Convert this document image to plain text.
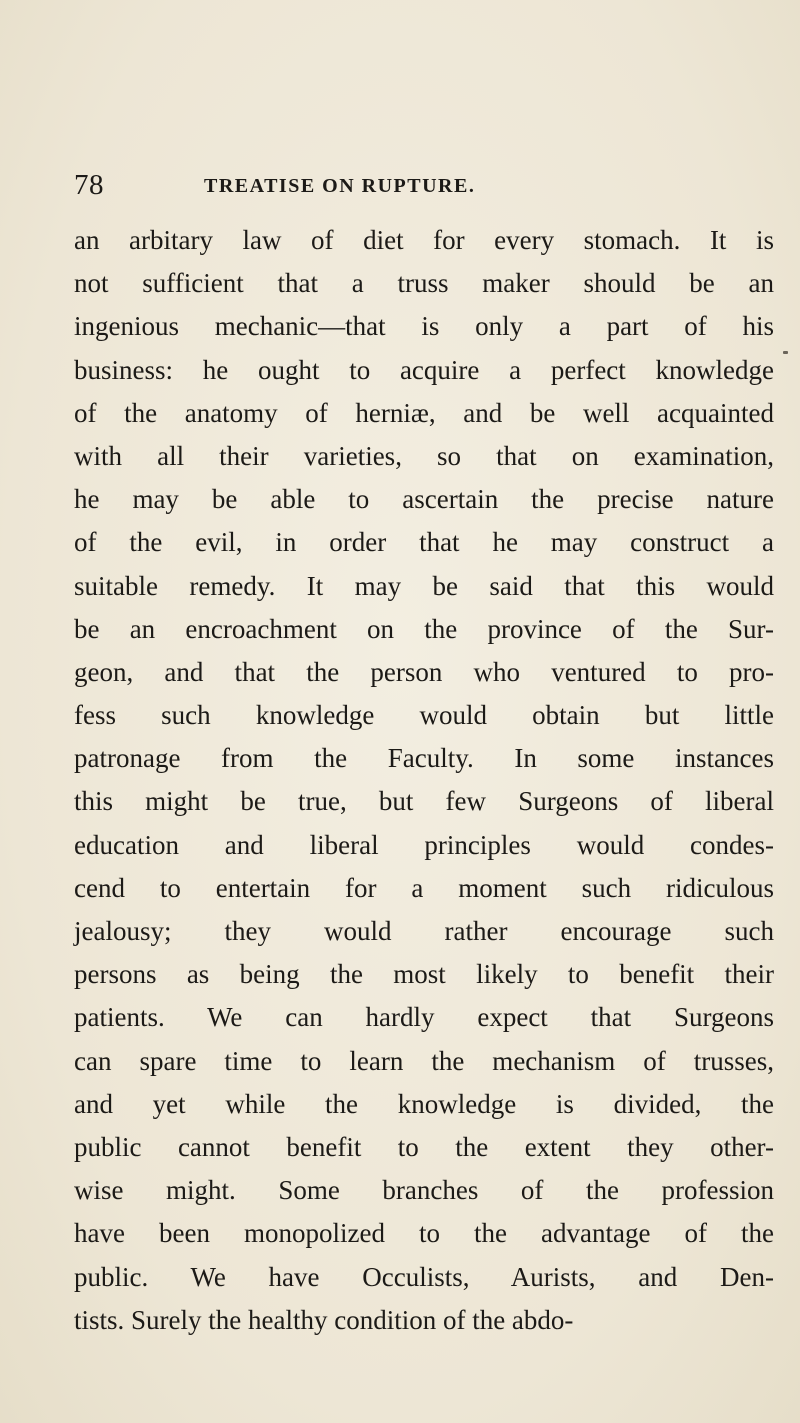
78	TREATISE ON RUPTURE.
an arbitary law of diet for every stomach. It is
not sufficient that a truss maker should be an
ingenious mechanic—that is only a part of his
business: he ought to acquire a perfect knowledge
of the anatomy of herniæ, and be well acquainted
with all their varieties, so that on examination,
he may be able to ascertain the precise nature
of the evil, in order that he may construct a
suitable remedy. It may be said that this would
be an encroachment on the province of the Sur-
geon, and that the person who ventured to pro-
fess such knowledge would obtain but little
patronage from the Faculty. In some instances
this might be true, but few Surgeons of liberal
education and liberal principles would condes-
cend to entertain for a moment such ridiculous
jealousy; they would rather encourage such
persons as being the most likely to benefit their
patients. We can hardly expect that Surgeons
can spare time to learn the mechanism of trusses,
and yet while the knowledge is divided, the
public cannot benefit to the extent they other-
wise might. Some branches of the profession
have been monopolized to the advantage of the
public. We have Occulists, Aurists, and Den-
tists. Surely the healthy condition of the abdo-
